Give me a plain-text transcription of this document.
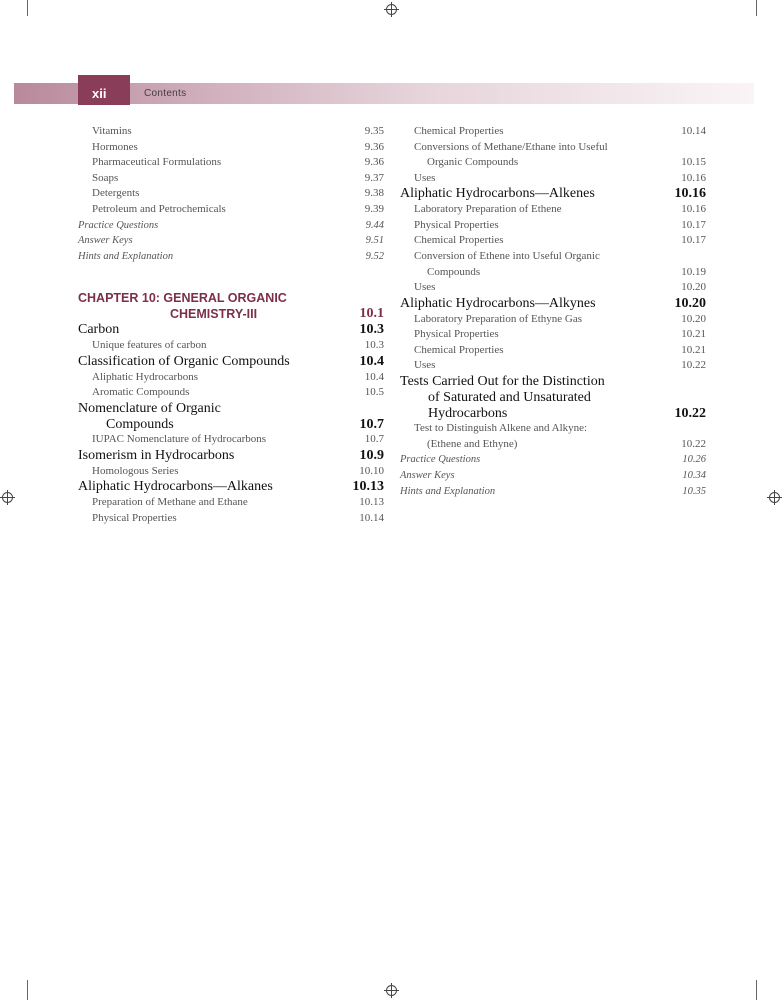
xii	Contents
Vitamins	9.35
Hormones	9.36
Pharmaceutical Formulations	9.36
Soaps	9.37
Detergents	9.38
Petroleum and Petrochemicals	9.39
Practice Questions	9.44
Answer Keys	9.51
Hints and Explanation	9.52
CHAPTER 10: GENERAL ORGANIC
CHEMISTRY-III	10.1
Carbon	10.3
Unique features of carbon	10.3
Classification of Organic Compounds	10.4
Aliphatic Hydrocarbons	10.4
Aromatic Compounds	10.5
Nomenclature of Organic
Compounds	10.7
IUPAC Nomenclature of Hydrocarbons	10.7
Isomerism in Hydrocarbons	10.9
Homologous Series	10.10
Aliphatic Hydrocarbons—Alkanes	10.13
Preparation of Methane and Ethane	10.13
Physical Properties	10.14
Chemical Properties	10.14
Conversions of Methane/Ethane into Useful
Organic Compounds	10.15
Uses	10.16
Aliphatic Hydrocarbons—Alkenes	10.16
Laboratory Preparation of Ethene	10.16
Physical Properties	10.17
Chemical Properties	10.17
Conversion of Ethene into Useful Organic
Compounds	10.19
Uses	10.20
Aliphatic Hydrocarbons—Alkynes	10.20
Laboratory Preparation of Ethyne Gas	10.20
Physical Properties	10.21
Chemical Properties	10.21
Uses	10.22
Tests Carried Out for the Distinction
of Saturated and Unsaturated
Hydrocarbons	10.22
Test to Distinguish Alkene and Alkyne:
(Ethene and Ethyne)	10.22
Practice Questions	10.26
Answer Keys	10.34
Hints and Explanation	10.35
